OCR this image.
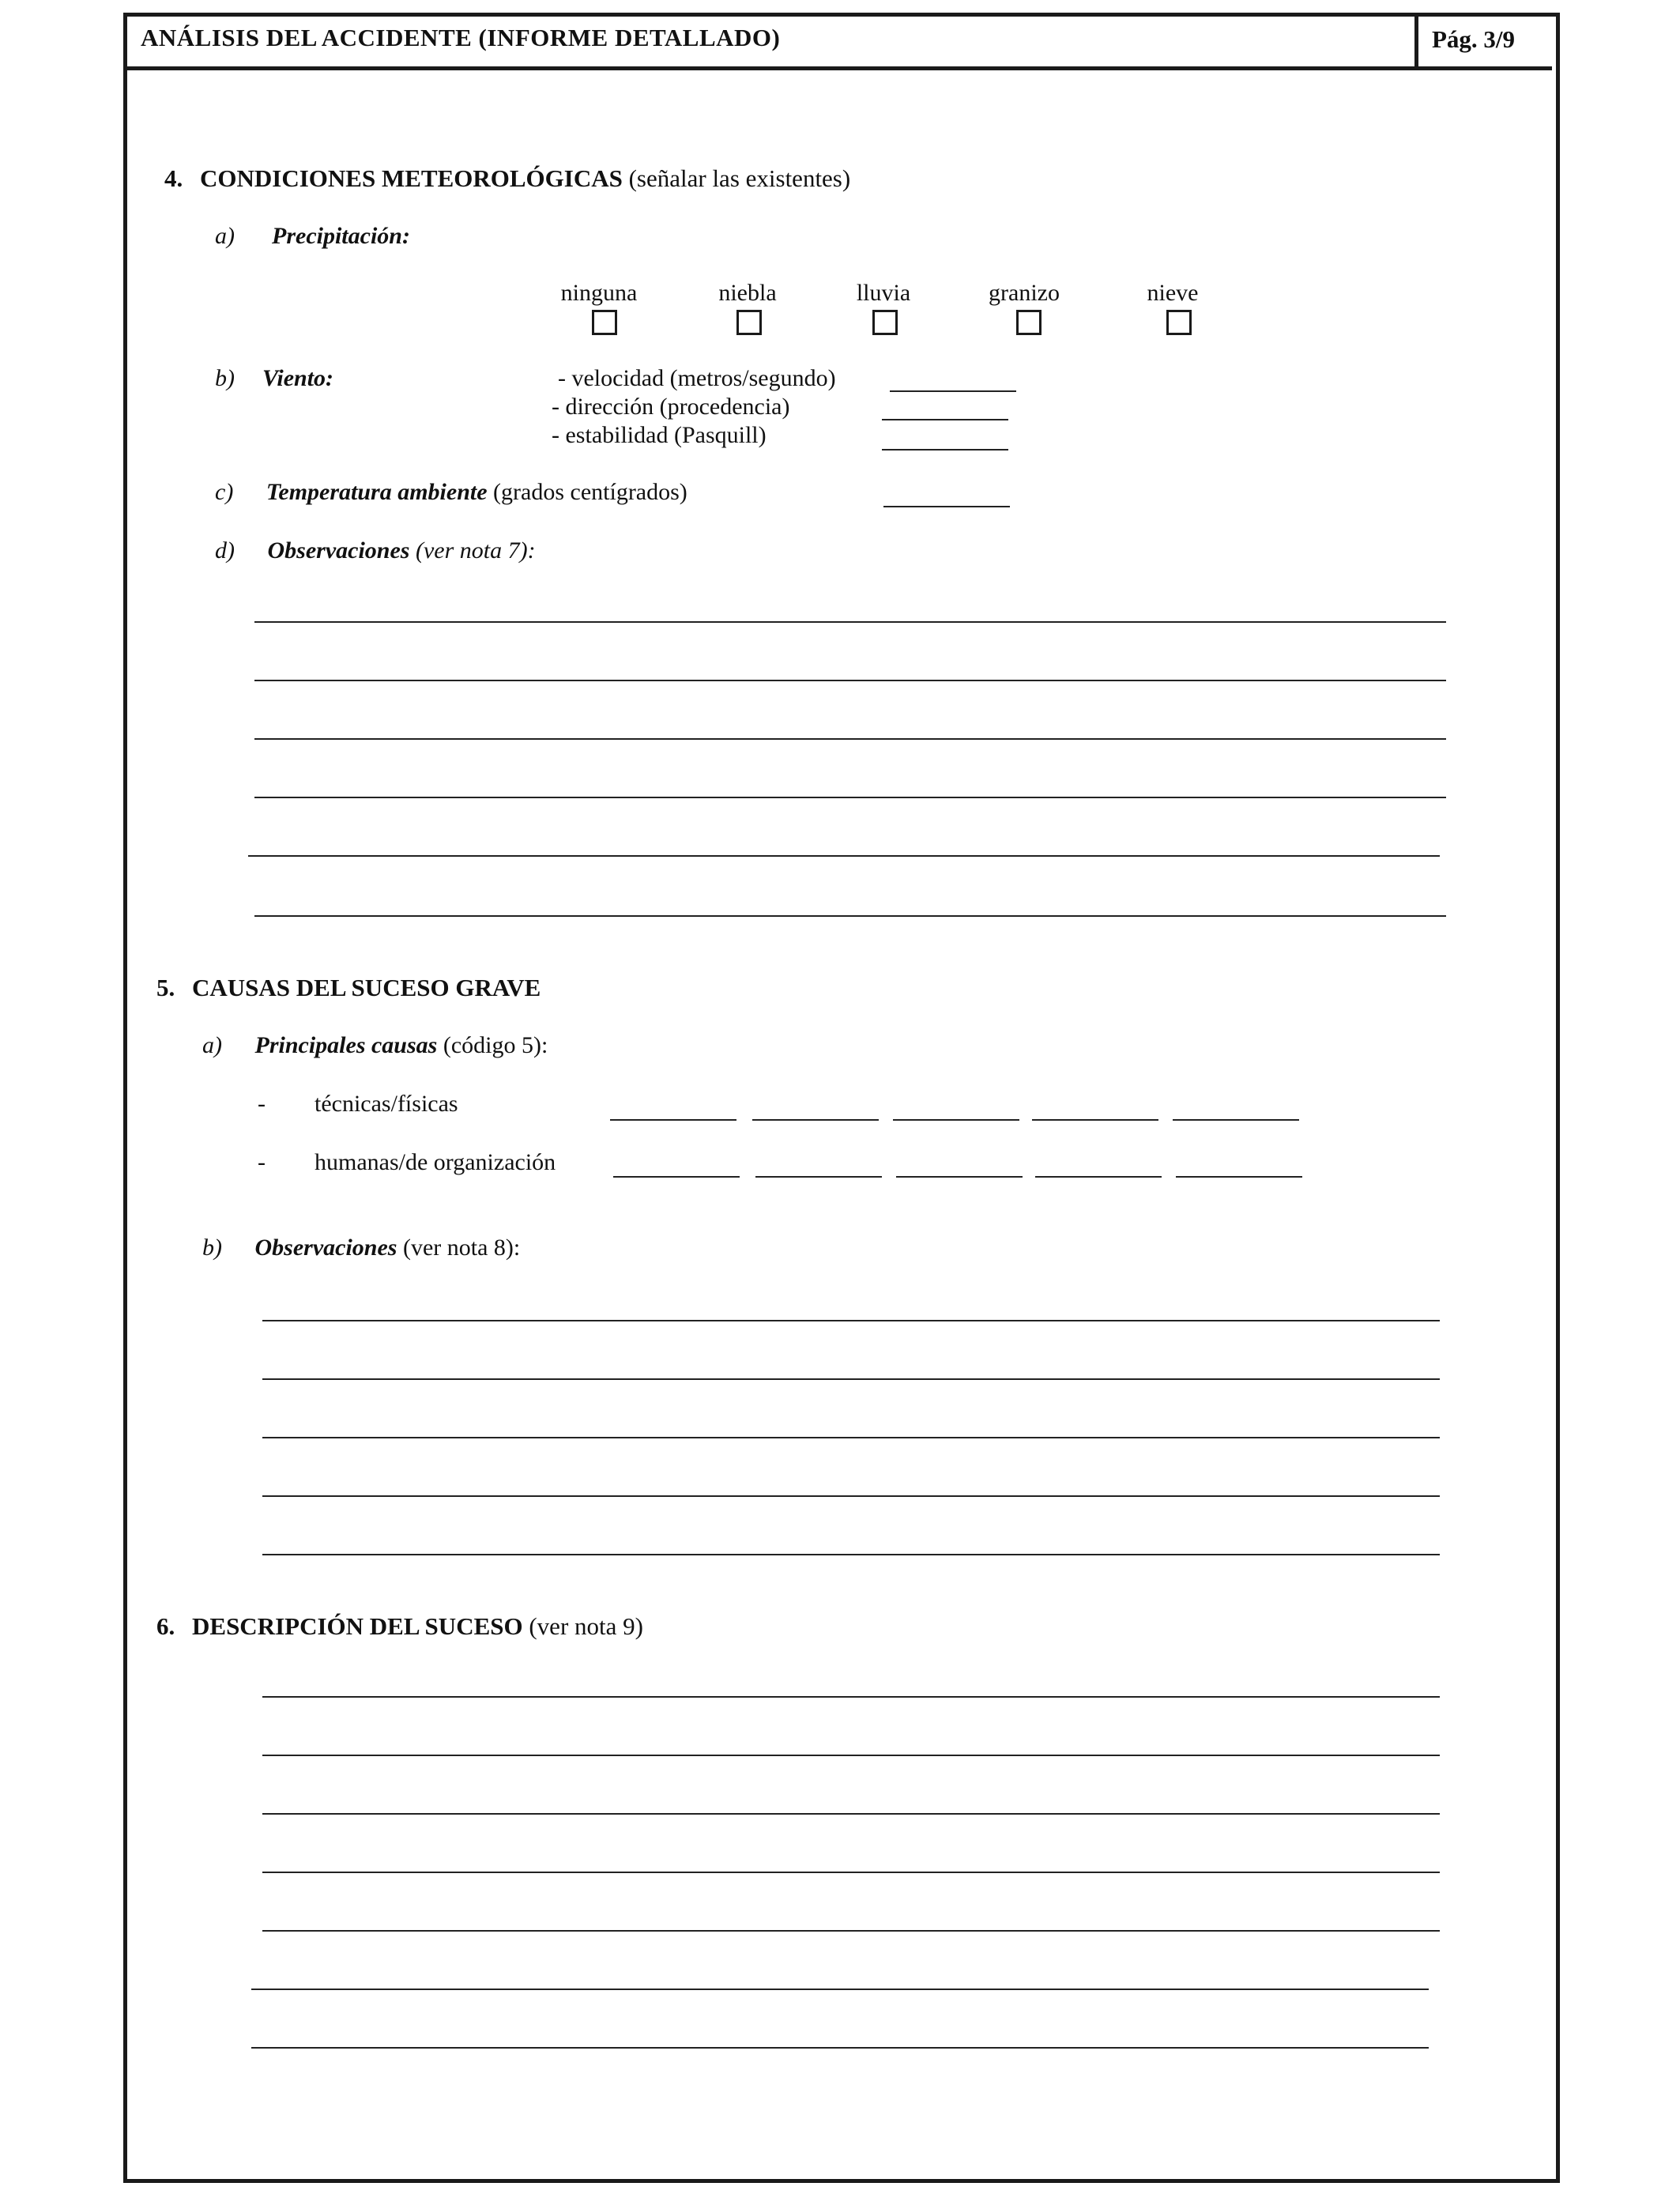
ANÁLISIS DEL ACCIDENTE (INFORME DETALLADO)	Pág. 3/9
4. CONDICIONES METEOROLÓGICAS (señalar las existentes)
a) Precipitación:
ninguna	niebla	lluvia	granizo	nieve
b) Viento:	- velocidad (metros/segundo)
- dirección (procedencia)
- estabilidad (Pasquill)
c) Temperatura ambiente (grados centígrados)
d) Observaciones (ver nota 7):
5. CAUSAS DEL SUCESO GRAVE
a) Principales causas (código 5):
- técnicas/físicas
- humanas/de organización
b) Observaciones (ver nota 8):
6. DESCRIPCIÓN DEL SUCESO (ver nota 9)
